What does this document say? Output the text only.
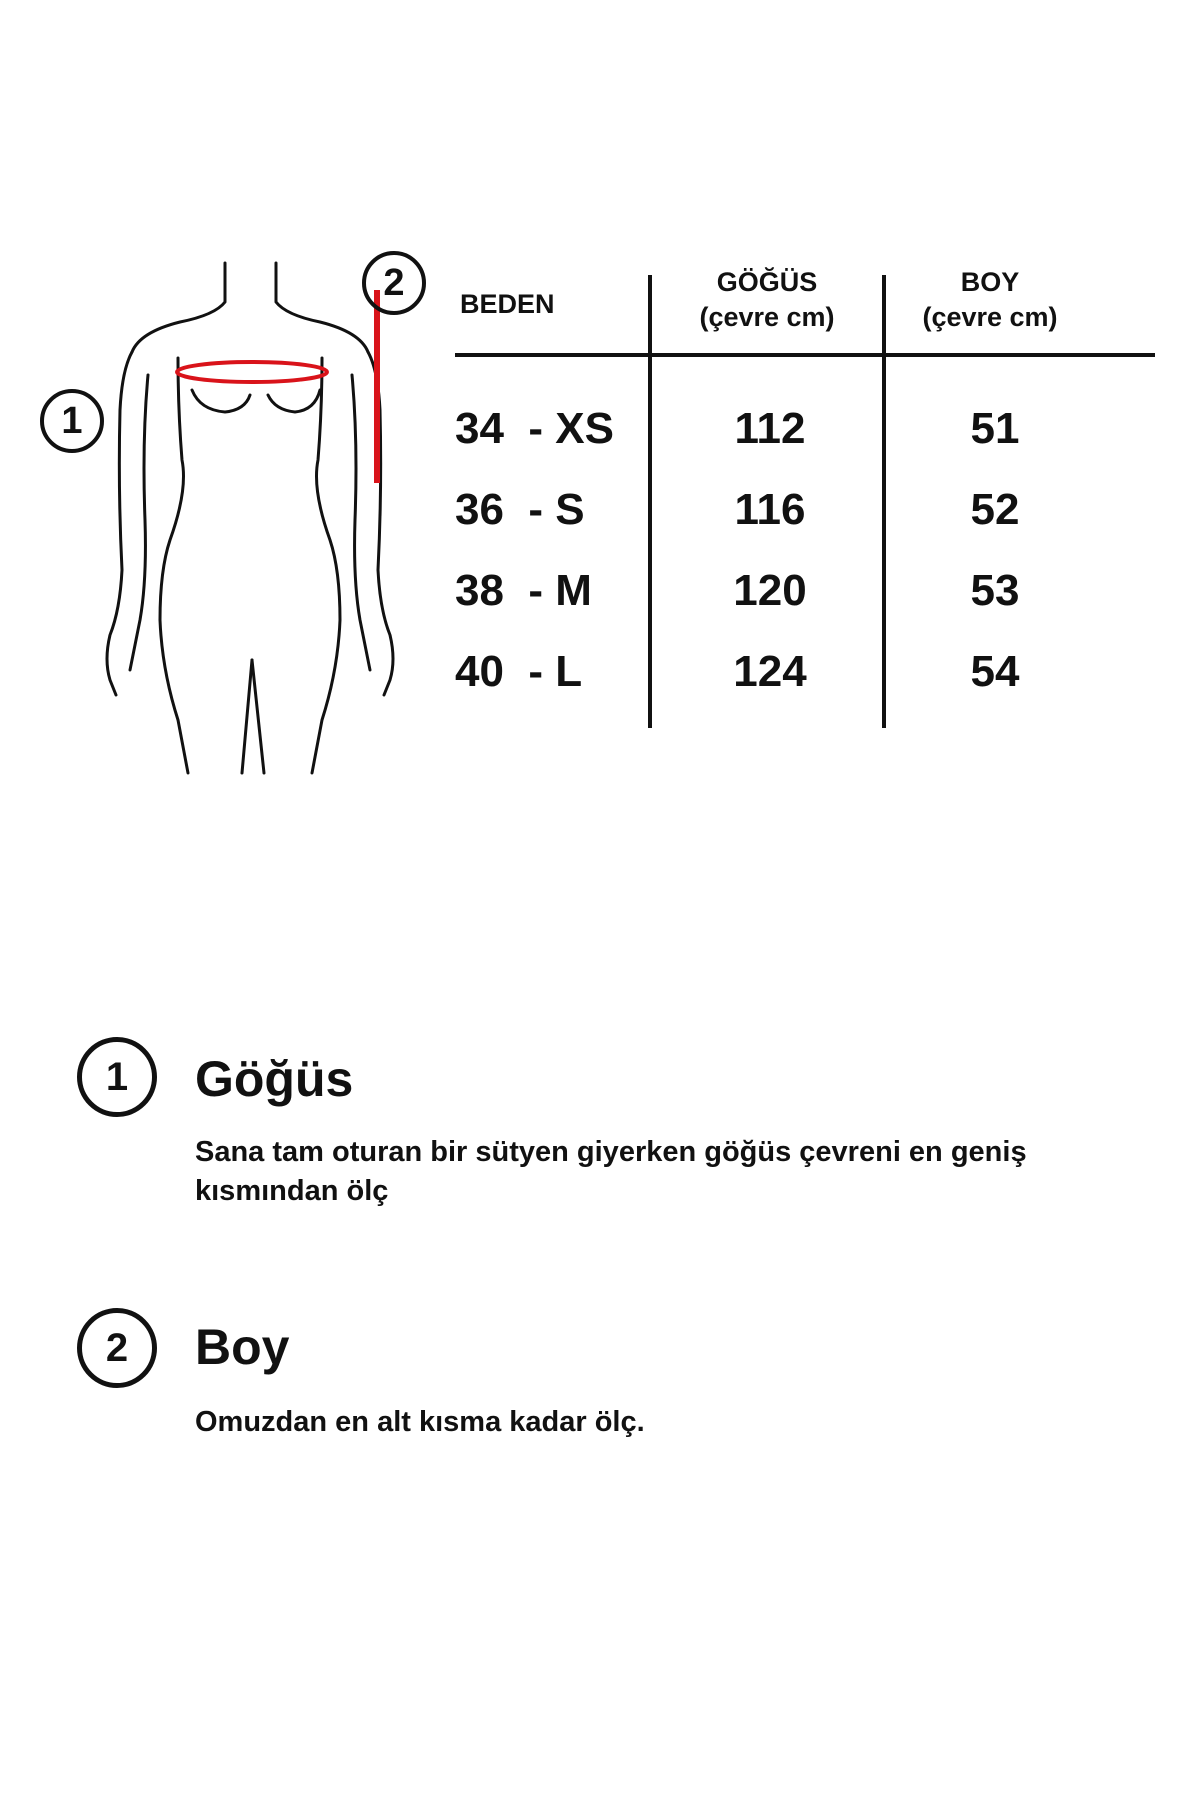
1
2
BEDEN
GÖĞÜS
(çevre cm)
BOY
(çevre cm)
34  - XS	112	51
36  - S	116	52
38  - M	120	53
40  - L	124	54
1 Göğüs
Sana tam oturan bir sütyen giyerken göğüs çevreni en geniş kısmından ölç
2 Boy
Omuzdan en alt kısma kadar ölç.
